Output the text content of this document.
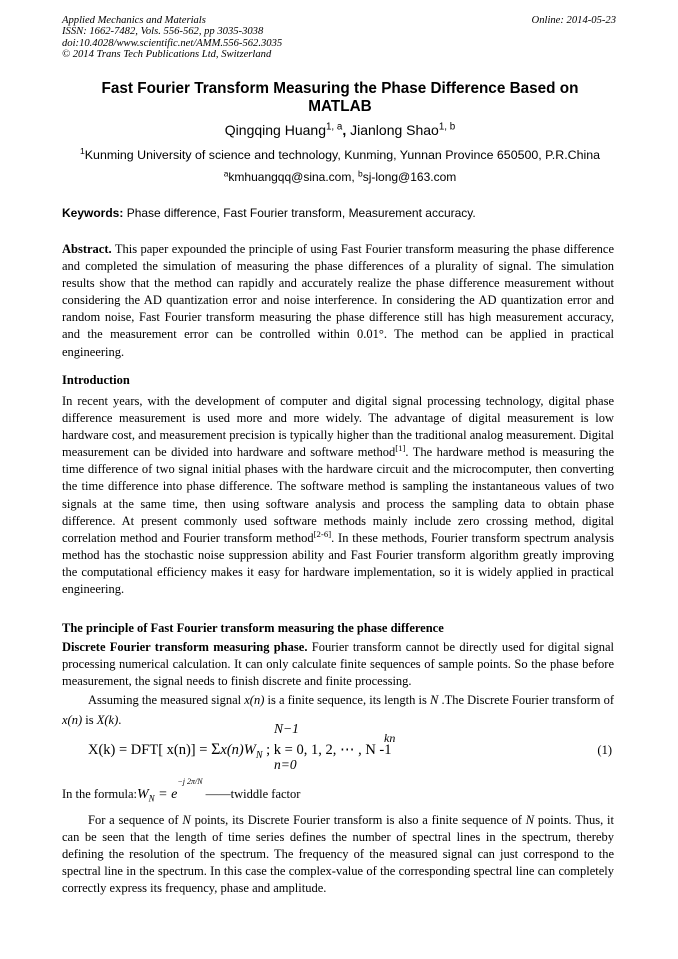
Applied Mechanics and Materials	Online: 2014-05-23
ISSN: 1662-7482, Vols. 556-562, pp 3035-3038
doi:10.4028/www.scientific.net/AMM.556-562.3035
© 2014 Trans Tech Publications Ltd, Switzerland
Fast Fourier Transform Measuring the Phase Difference Based on
MATLAB
Qingqing Huang$^{1, a}$, Jianlong Shao$^{1, b}$
$^1$Kunming University of science and technology, Kunming, Yunnan Province 650500, P.R.China
$^a$kmhuangqq@sina.com, $^b$sj-long@163.com
Keywords: Phase difference, Fast Fourier transform, Measurement accuracy.
Abstract. This paper expounded the principle of using Fast Fourier transform measuring the phase difference and completed the simulation of measuring the phase differences of a plurality of signal. The simulation results show that the method can rapidly and accurately realize the phase difference measurement without considering the AD quantization error and noise interference. In considering the AD quantization error and random noise, Fast Fourier transform measuring the phase difference still has high measurement accuracy, and the measurement error can be controlled within 0.01°. The method can be applied in practical engineering.
Introduction
In recent years, with the development of computer and digital signal processing technology, digital phase difference measurement is used more and more widely. The advantage of digital measurement is low hardware cost, and measurement precision is typically higher than the traditional analog measurement. Digital measurement can be divided into hardware and software method[1]. The hardware method is measuring the time difference of two signal initial phases with the hardware circuit and the microcomputer, then converting the time difference into phase difference. The software method is sampling the instantaneous values of two signals at the same time, then using software analysis and process the sampling data to obtain phase difference. At present commonly used software methods mainly include zero crossing method, digital correlation method and Fourier transform method[2-6]. In these methods, Fourier transform spectrum analysis method has the stochastic noise suppression ability and Fast Fourier transform algorithm greatly improving the computational efficiency makes it easy for hardware implementation, so it is widely applied in practical engineering.
The principle of Fast Fourier transform measuring the phase difference
Discrete Fourier transform measuring phase. Fourier transform cannot be directly used for digital signal processing numerical calculation. It can only calculate finite sequences of sample points. So the phase before measurement, the signal needs to finish discrete and finite processing.
Assuming the measured signal x(n) is a finite sequence, its length is N .The Discrete Fourier transform of x(n) is X(k).
N−1
X(k) = DFT[ $x(n)] = \Sigma x(n)W_N$ ; k = 0, 1, 2, ⋯ , N -1
kn
n=0
(1)
In the $formula:W_N = e^{-j 2\pi/N}$ ——twiddle factor
For a sequence of N points, its Discrete Fourier transform is also a finite sequence of N points. Thus, it can be seen that the length of time series defines the number of spectral lines in the spectrum, thereby defining the resolution of the spectrum. The frequency of the measured signal can just correspond to the spectral line in the spectrum. In this case the complex-value of the corresponding spectral line can completely correctly express its frequency, phase and amplitude.
